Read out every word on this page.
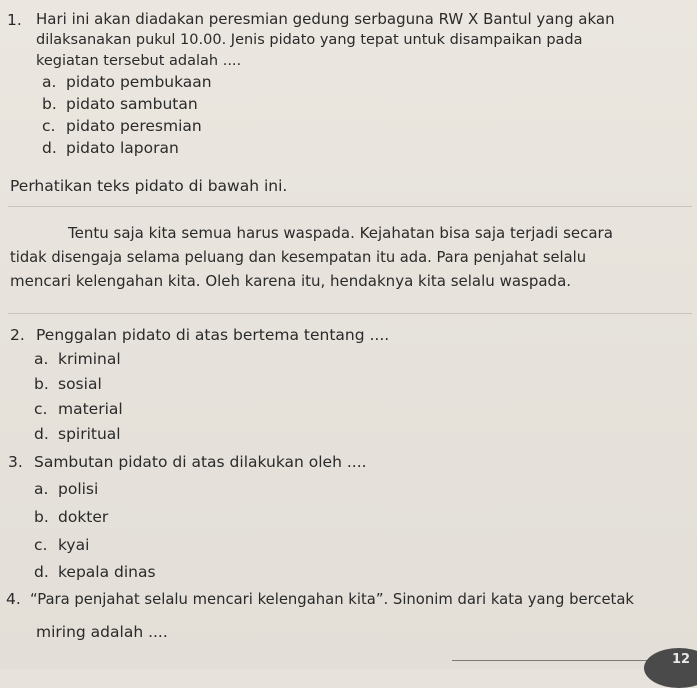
1. Hari ini akan diadakan peresmian gedung serbaguna RW X Bantul yang akan
dilaksanakan pukul 10.00. Jenis pidato yang tepat untuk disampaikan pada
kegiatan tersebut adalah ....
a. pidato pembukaan
b. pidato sambutan
c. pidato peresmian
d. pidato laporan
Perhatikan teks pidato di bawah ini.
Tentu saja kita semua harus waspada. Kejahatan bisa saja terjadi secara
tidak disengaja selama peluang dan kesempatan itu ada. Para penjahat selalu
mencari kelengahan kita. Oleh karena itu, hendaknya kita selalu waspada.
2. Penggalan pidato di atas bertema tentang ....
a. kriminal
b. sosial
c. material
d. spiritual
3. Sambutan pidato di atas dilakukan oleh ....
a. polisi
b. dokter
c. kyai
d. kepala dinas
4. “Para penjahat selalu mencari kelengahan kita”. Sinonim dari kata yang bercetak
miring adalah ....
12
